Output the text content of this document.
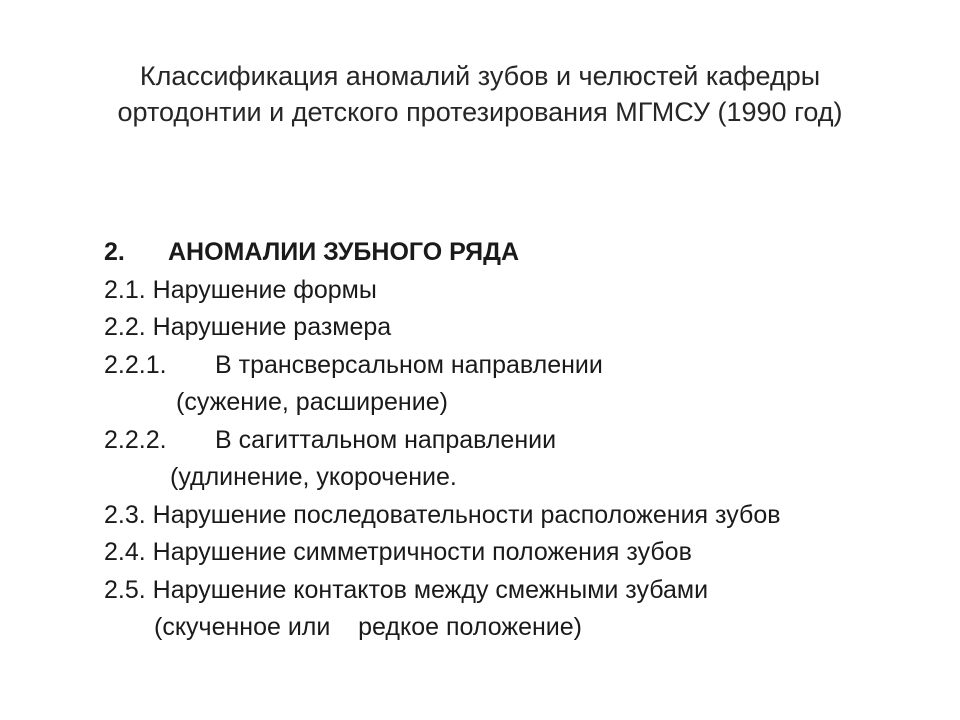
Классификация аномалий зубов и челюстей кафедры
ортодонтии и детского протезирования МГМСУ (1990 год)
2. АНОМАЛИИ ЗУБНОГО РЯДА
2.1. Нарушение формы
2.2. Нарушение размера
2.2.1. В трансверсальном направлении
(сужение, расширение)
2.2.2. В сагиттальном направлении
(удлинение, укорочение.
2.3. Нарушение последовательности расположения зубов
2.4. Нарушение симметричности положения зубов
2.5. Нарушение контактов между смежными зубами
(скученное или    редкое положение)
